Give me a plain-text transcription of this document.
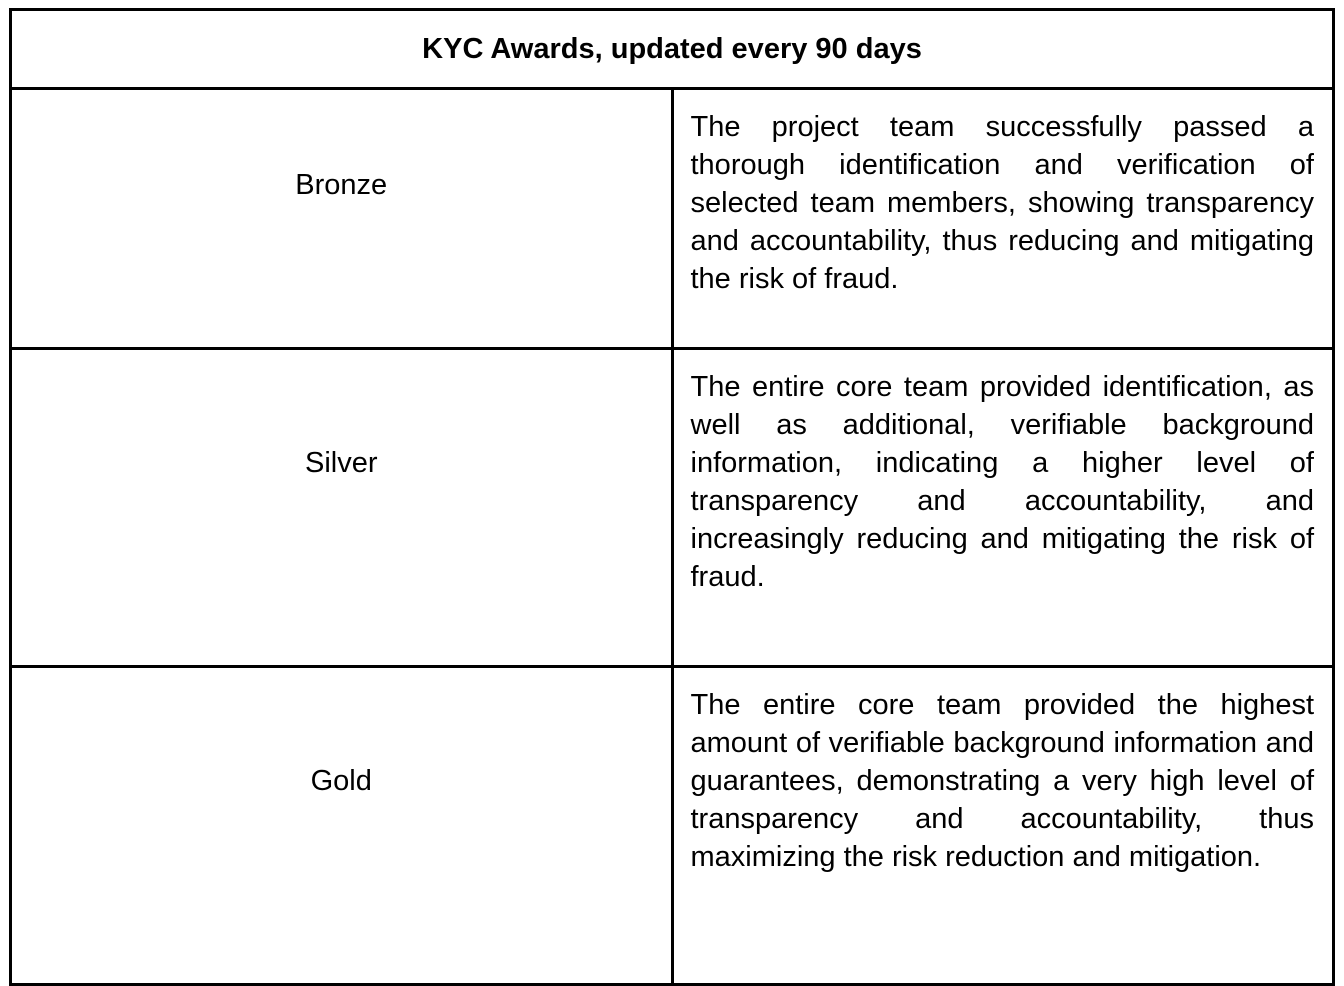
KYC Awards, updated every 90 days	
Bronze	The project team successfully passed a thorough identification and verification of selected team members, showing transparency and accountability, thus reducing and mitigating the risk of fraud.
Silver	The entire core team provided identification, as well as additional, verifiable background information, indicating a higher level of transparency and accountability, and increasingly reducing and mitigating the risk of fraud.
Gold	The entire core team provided the highest amount of verifiable background information and guarantees, demonstrating a very high level of transparency and accountability, thus maximizing the risk reduction and mitigation.
